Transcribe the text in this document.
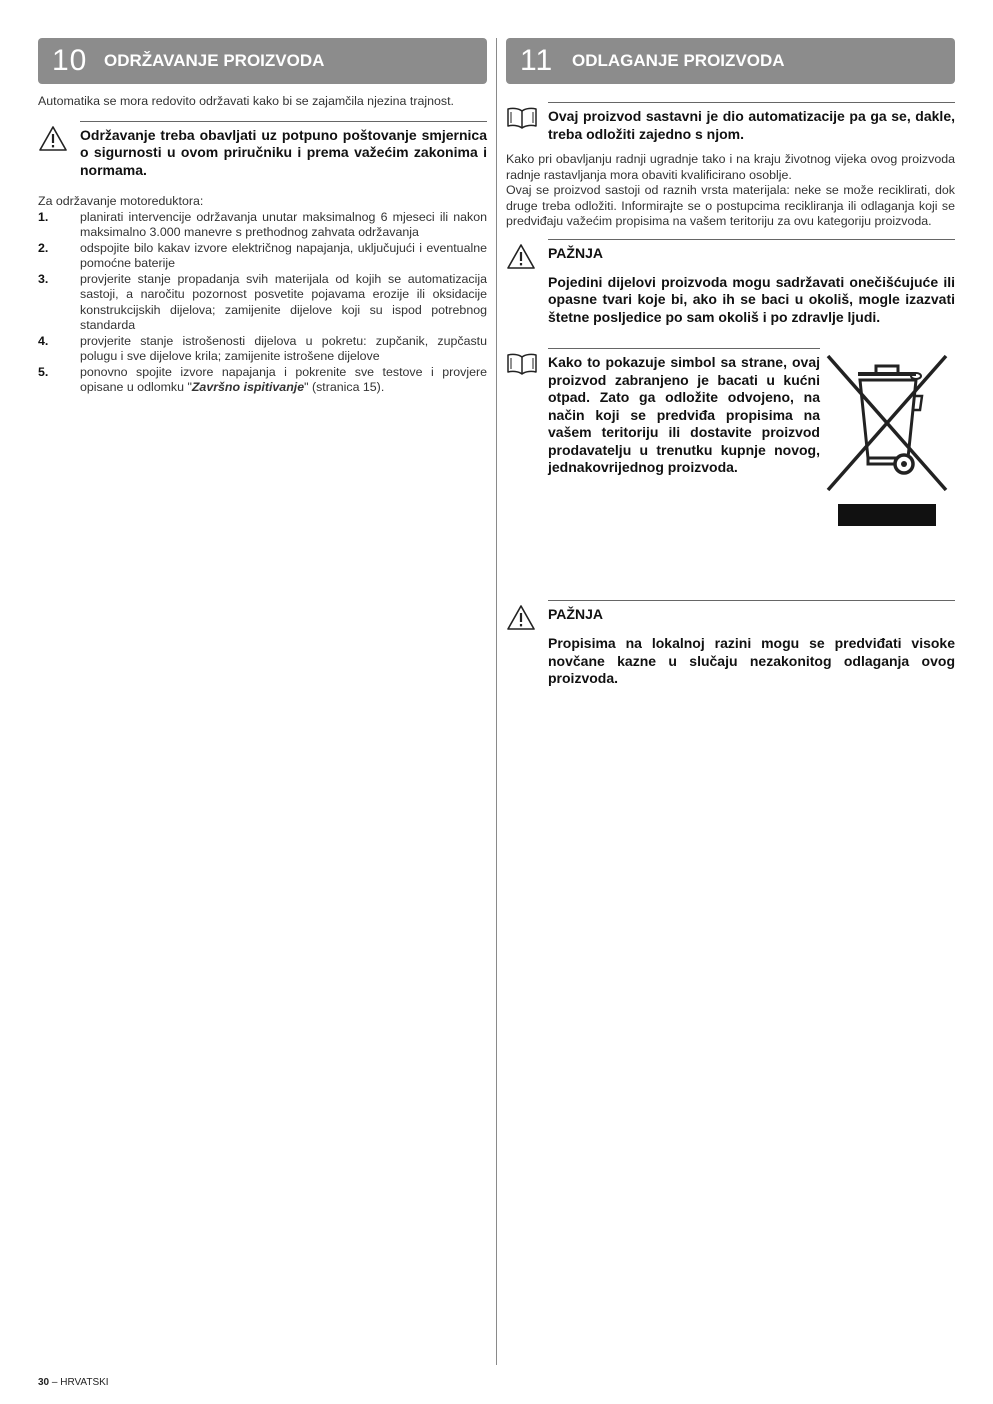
10 ODRŽAVANJE PROIZVODA

Automatika se mora redovito održavati kako bi se zajamčila njezina trajnost.

Održavanje treba obavljati uz potpuno poštovanje smjernica o sigurnosti u ovom priručniku i prema važećim zakonima i normama.

Za održavanje motoreduktora:

1.	planirati intervencije održavanja unutar maksimalnog 6 mjeseci ili nakon maksimalno 3.000 manevre s prethodnog zahvata održavanja
2.	odspojite bilo kakav izvore električnog napajanja, uključujući i eventualne pomoćne baterije
3.	provjerite stanje propadanja svih materijala od kojih se automatizacija sastoji, a naročitu pozornost posvetite pojavama erozije ili oksidacije konstrukcijskih dijelova; zamijenite dijelove koji su ispod potrebnog standarda
4.	provjerite stanje istrošenosti dijelova u pokretu: zupčanik, zupčastu polugu i sve dijelove krila; zamijenite istrošene dijelove
5.	ponovno spojite izvore napajanja i pokrenite sve testove i provjere opisane u odlomku "Završno ispitivanje" (stranica 15).
11	ODLAGANJE PROIZVODA

Ovaj proizvod sastavni je dio automatizacije pa ga se, dakle, treba odložiti zajedno s njom.

Kako pri obavljanju radnji ugradnje tako i na kraju životnog vijeka ovog proizvoda radnje rastavljanja mora obaviti kvalificirano osoblje.

Ovaj se proizvod sastoji od raznih vrsta materijala: neke se može reciklirati, dok druge treba odložiti. Informirajte se o postupcima recikliranja ili odlaganja koji se predviđaju važećim propisima na vašem teritoriju za ovu kategoriju proizvoda.

PAŽNJA

Pojedini dijelovi proizvoda mogu sadržavati onečišćujuće ili opasne tvari koje bi, ako ih se baci u okoliš, mogle izazvati štetne posljedice po sam okoliš i po zdravlje ljudi.

Kako to pokazuje simbol sa strane, ovaj proizvod zabranjeno je bacati u kućni otpad. Zato ga odložite odvojeno, na način koji se predviđa propisima na vašem teritoriju ili dostavite proizvod prodavatelju u trenutku kupnje novog, jednakovrijednog proizvoda.

PAŽNJA

Propisima na lokalnoj razini mogu se predviđati visoke novčane kazne u slučaju nezakonitog odlaganja ovog proizvoda.

30 – HRVATSKI
